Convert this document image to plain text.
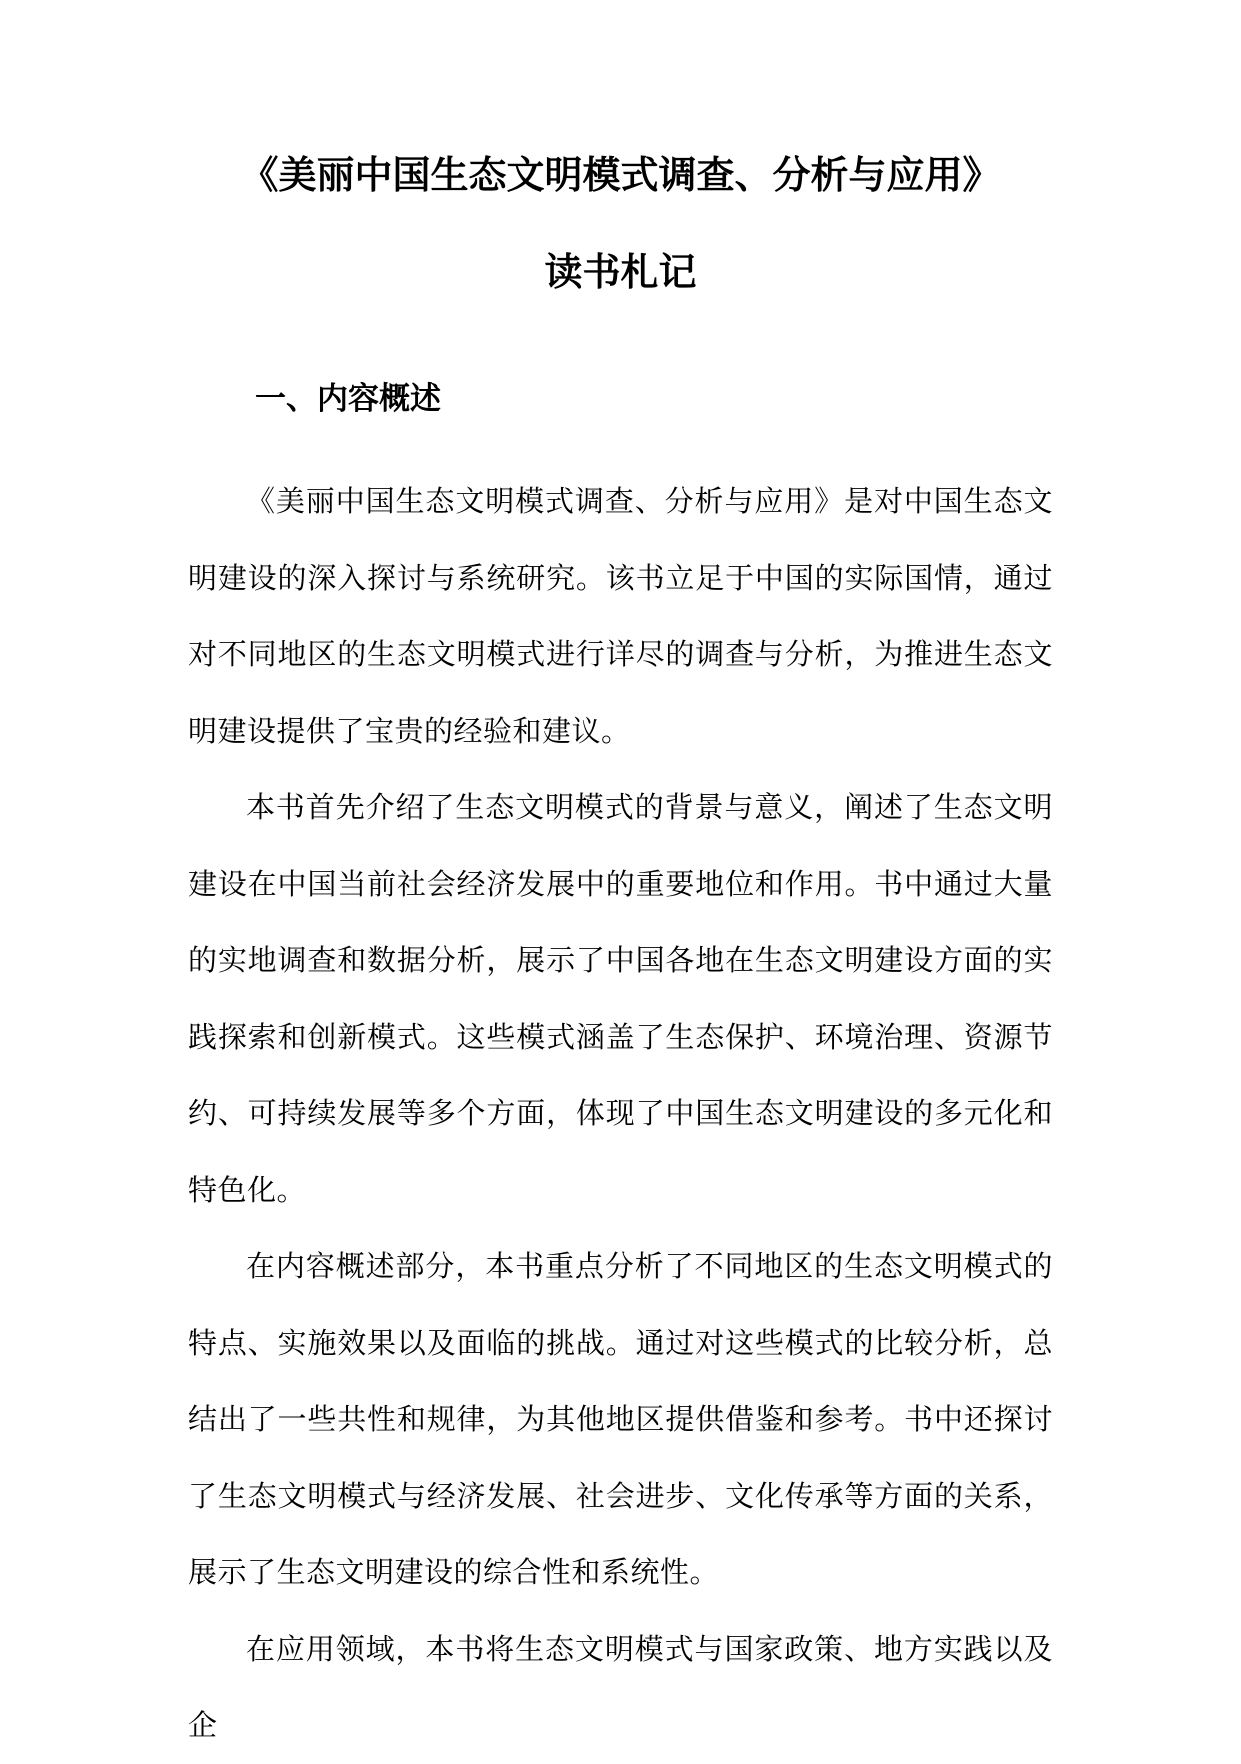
《美丽中国生态文明模式调查、分析与应用》
读书札记
一、内容概述

《美丽中国生态文明模式调查、分析与应用》是对中国生态文明建设的深入探讨与系统研究。该书立足于中国的实际国情，通过对不同地区的生态文明模式进行详尽的调查与分析，为推进生态文明建设提供了宝贵的经验和建议。

本书首先介绍了生态文明模式的背景与意义，阐述了生态文明建设在中国当前社会经济发展中的重要地位和作用。书中通过大量的实地调查和数据分析，展示了中国各地在生态文明建设方面的实践探索和创新模式。这些模式涵盖了生态保护、环境治理、资源节约、可持续发展等多个方面，体现了中国生态文明建设的多元化和特色化。

在内容概述部分，本书重点分析了不同地区的生态文明模式的特点、实施效果以及面临的挑战。通过对这些模式的比较分析，总结出了一些共性和规律，为其他地区提供借鉴和参考。书中还探讨了生态文明模式与经济发展、社会进步、文化传承等方面的关系，展示了生态文明建设的综合性和系统性。

在应用领域，本书将生态文明模式与国家政策、地方实践以及企
